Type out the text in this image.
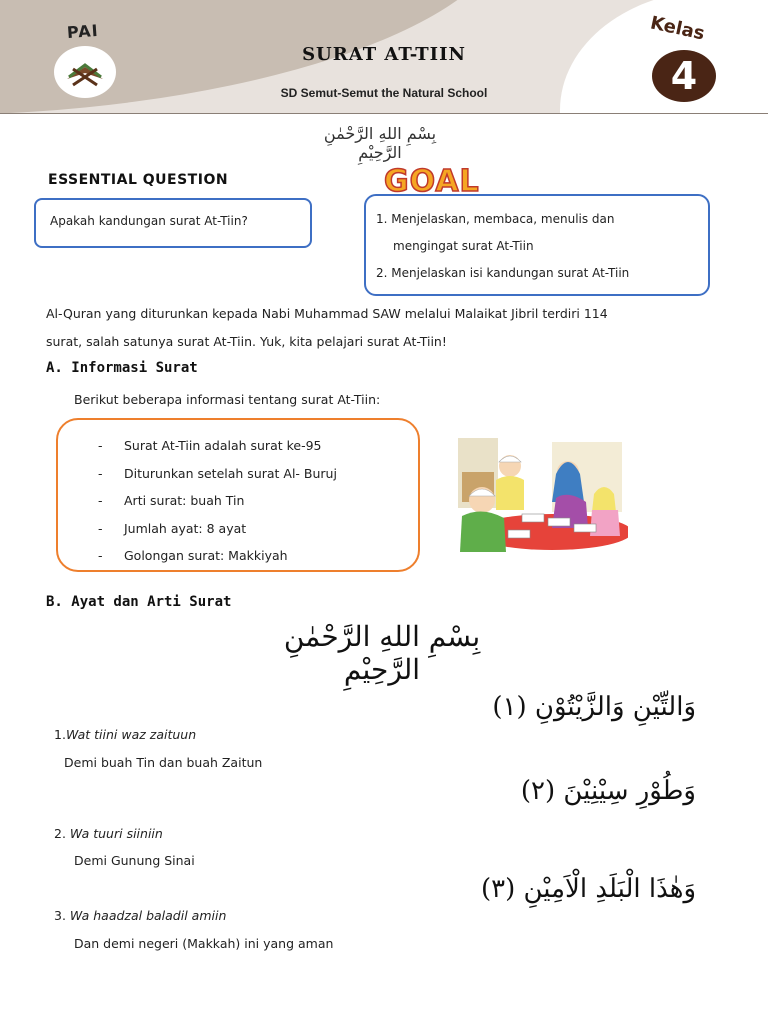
PAI
SURAT AT-TIIN
SD Semut-Semut the Natural School
Kelas
4
بِسْمِ اللهِ الرَّحْمٰنِ الرَّحِيْمِ
ESSENTIAL QUESTION
Apakah kandungan surat At-Tiin?
GOAL
1. Menjelaskan, membaca, menulis dan
mengingat surat At-Tiin
2. Menjelaskan isi kandungan surat At-Tiin
Al-Quran yang diturunkan kepada Nabi Muhammad SAW melalui Malaikat Jibril terdiri 114
surat, salah satunya surat At-Tiin. Yuk, kita pelajari surat At-Tiin!
A. Informasi Surat
Berikut beberapa informasi tentang surat At-Tiin:
- Surat At-Tiin adalah surat ke-95
- Diturunkan setelah surat Al- Buruj
- Arti surat: buah Tin
- Jumlah ayat: 8 ayat
- Golongan surat: Makkiyah
B. Ayat dan Arti Surat
بِسْمِ اللهِ الرَّحْمٰنِ الرَّحِيْمِ
وَالتِّيْنِ وَالزَّيْتُوْنِ (١)
1.Wat tiini waz zaituun
Demi buah Tin dan buah Zaitun
وَطُوْرِ سِيْنِيْنَ (٢)
2. Wa tuuri siiniin
Demi Gunung Sinai
وَهٰذَا الْبَلَدِ الْاَمِيْنِ (٣)
3. Wa haadzal baladil amiin
Dan demi negeri (Makkah) ini yang aman
